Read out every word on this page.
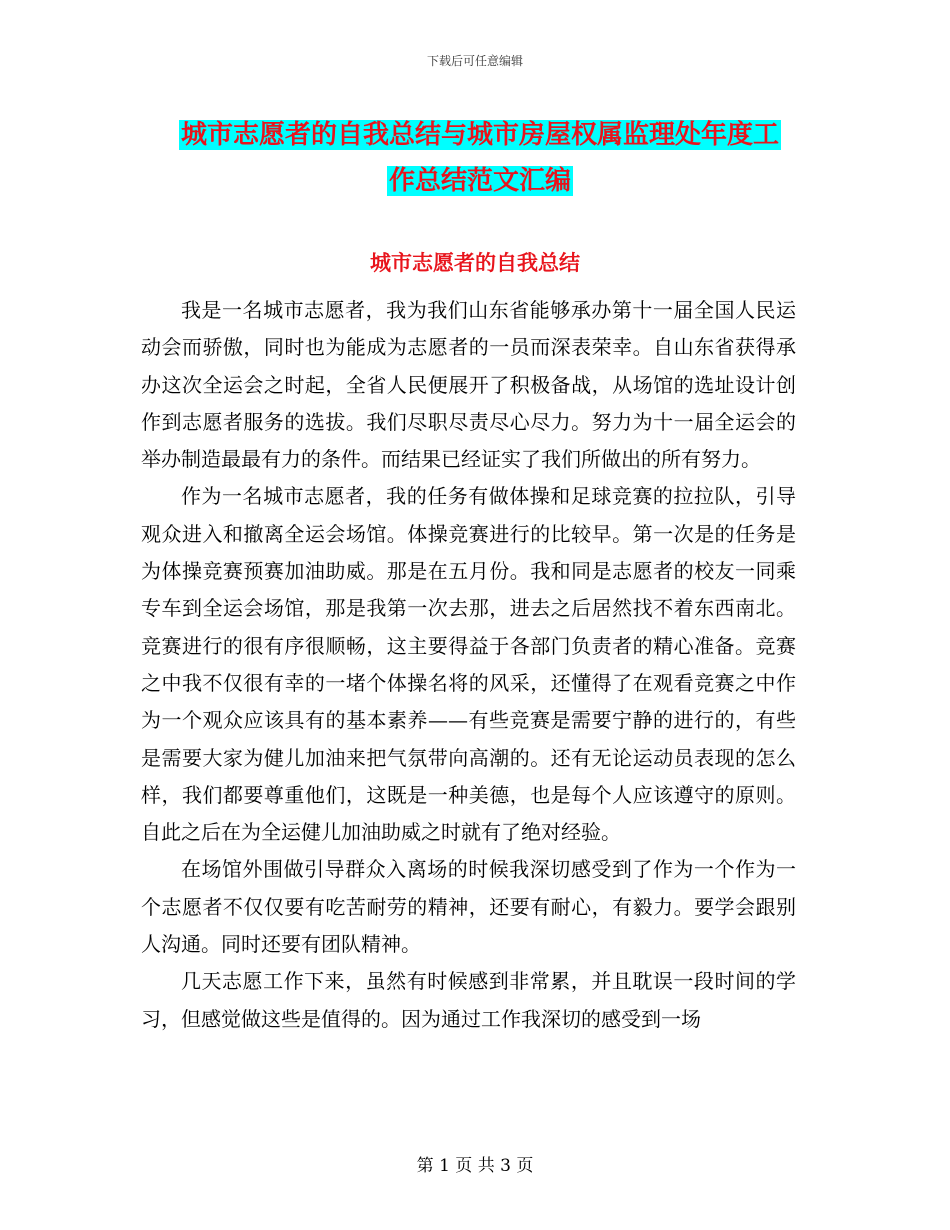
下载后可任意编辑
城市志愿者的自我总结与城市房屋权属监理处年度工
作总结范文汇编
城市志愿者的自我总结

我是一名城市志愿者，我为我们山东省能够承办第十一届全国人民运动会而骄傲，同时也为能成为志愿者的一员而深表荣幸。自山东省获得承办这次全运会之时起，全省人民便展开了积极备战，从场馆的选址设计创作到志愿者服务的选拔。我们尽职尽责尽心尽力。努力为十一届全运会的举办制造最最有力的条件。而结果已经证实了我们所做出的所有努力。

作为一名城市志愿者，我的任务有做体操和足球竞赛的拉拉队，引导观众进入和撤离全运会场馆。体操竞赛进行的比较早。第一次是的任务是为体操竞赛预赛加油助威。那是在五月份。我和同是志愿者的校友一同乘专车到全运会场馆，那是我第一次去那，进去之后居然找不着东西南北。竞赛进行的很有序很顺畅，这主要得益于各部门负责者的精心准备。竞赛之中我不仅很有幸的一堵个体操名将的风采，还懂得了在观看竞赛之中作为一个观众应该具有的基本素养——有些竞赛是需要宁静的进行的，有些是需要大家为健儿加油来把气氛带向高潮的。还有无论运动员表现的怎么样，我们都要尊重他们，这既是一种美德，也是每个人应该遵守的原则。自此之后在为全运健儿加油助威之时就有了绝对经验。

在场馆外围做引导群众入离场的时候我深切感受到了作为一个作为一个志愿者不仅仅要有吃苦耐劳的精神，还要有耐心，有毅力。要学会跟别人沟通。同时还要有团队精神。

几天志愿工作下来，虽然有时候感到非常累，并且耽误一段时间的学习，但感觉做这些是值得的。因为通过工作我深切的感受到一场

第 1 页 共 3 页
